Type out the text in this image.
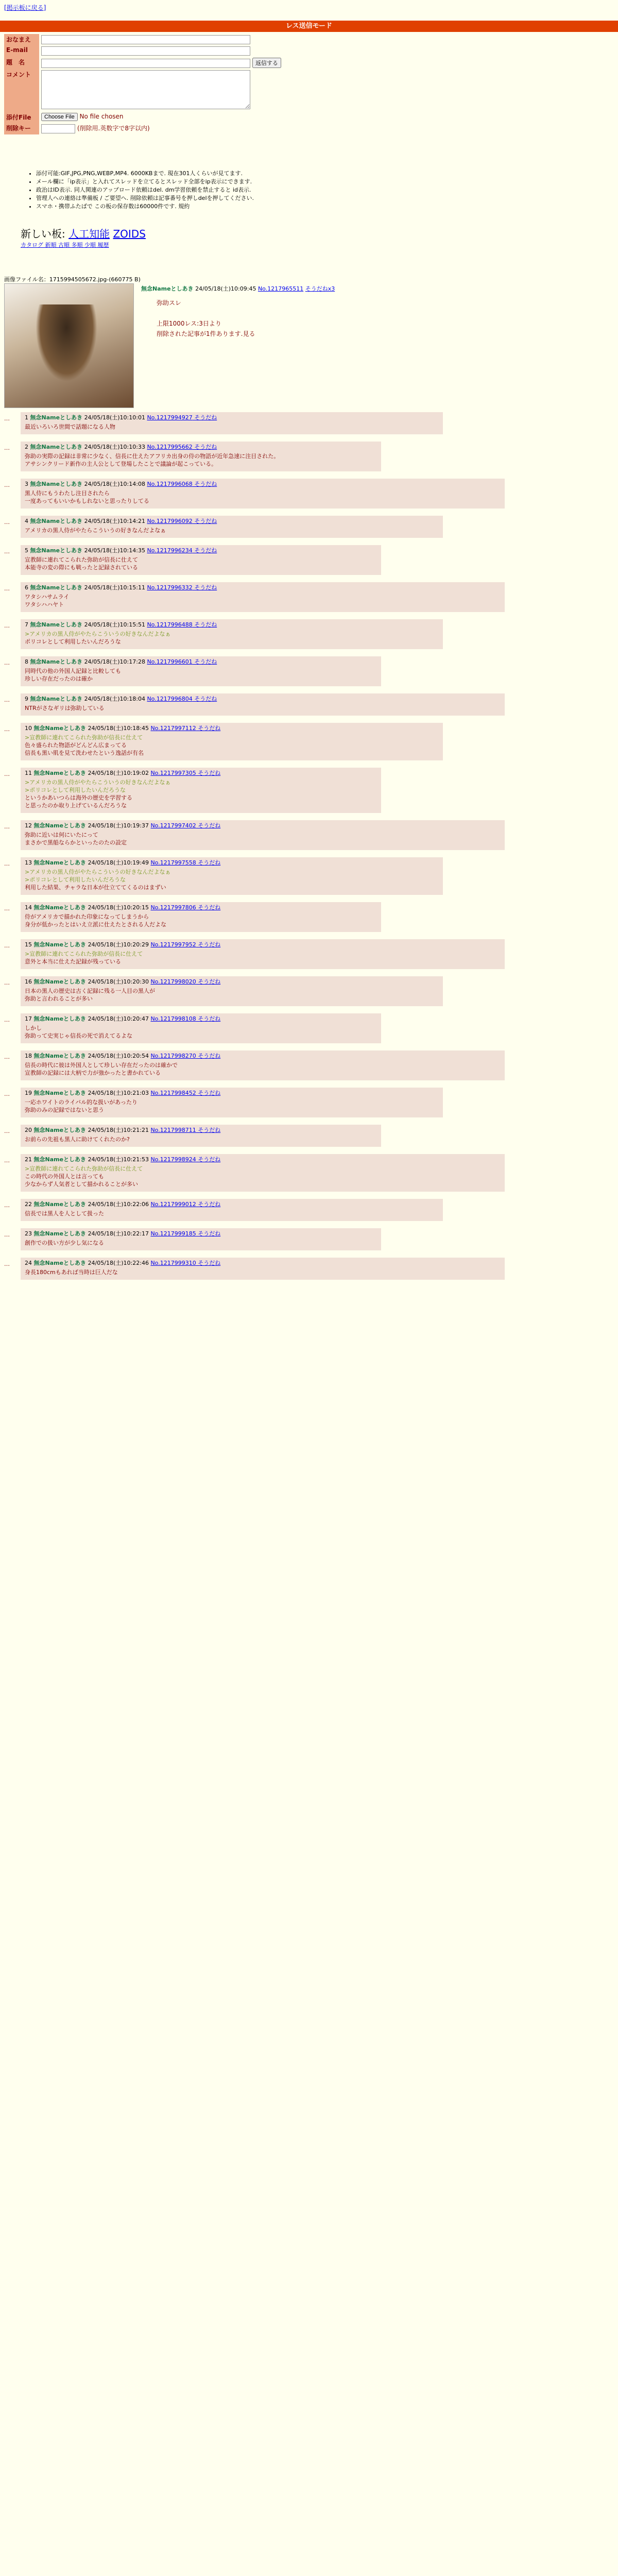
[掲示板に戻る]
レス送信モード
おなまえ	
E-mail	
題　名	返信する
コメント	
添付File	Choose File No file chosen
削除キー	(削除用.英数字で8字以内)
• 添付可能:GIF,JPG,PNG,WEBP,MP4. 6000KBまで. 現在301人くらいが見てます.
• メール欄に「ip表示」と入れてスレッドを立てるとスレッド全部をip表示にできます.
• 政治はID表示. 同人関連のアップロード依頼はdel. dm学習依頼を禁止すると id表示.
• 管理人への連絡は準備板 / ご要望へ. 削除依頼は記事番号を押しdelを押してください.
• スマホ・携帯ふたばで この板の保存数は60000件です. 規約
新しい板: 人工知能 ZOIDS
カタログ 新順 古順 多順 少順 履歴
画像ファイル名：1715994505672.jpg-(660775 B)
無念Nameとしあき 24/05/18(土)10:09:45 No.1217965511 そうだねx3
弥助スレ
上限1000レス:3日より
削除された記事が1件あります.見る
…	1 無念Nameとしあき 24/05/18(土)10:10:01 No.1217994927 そうだね
最近いろいろ世間で話題になる人物
…	2 無念Nameとしあき 24/05/18(土)10:10:33 No.1217995662 そうだね
弥助の実際の記録は非常に少なく、信長に仕えたアフリカ出身の侍の物語が近年急速に注目された。
アサシンクリード新作の主人公として登場したことで議論が起こっている。
…	3 無念Nameとしあき 24/05/18(土)10:14:08 No.1217996068 そうだね
黒人侍にもうわたし注目されたら
一度あってもいいかもしれないと思ったりしてる
…	4 無念Nameとしあき 24/05/18(土)10:14:21 No.1217996092 そうだね
アメリカの黒人侍がやたらこういうの好きなんだよなぁ
…	5 無念Nameとしあき 24/05/18(土)10:14:35 No.1217996234 そうだね
宣教師に連れてこられた弥助が信長に仕えて
本能寺の変の際にも戦ったと記録されている
…	6 無念Nameとしあき 24/05/18(土)10:15:11 No.1217996332 そうだね
ワタシハサムライ
ワタシハハヤト
…	7 無念Nameとしあき 24/05/18(土)10:15:51 No.1217996488 そうだね
>アメリカの黒人侍がやたらこういうの好きなんだよなぁ
ポリコレとして利用したいんだろうな
…	8 無念Nameとしあき 24/05/18(土)10:17:28 No.1217996601 そうだね
同時代の他の外国人記録と比較しても
珍しい存在だったのは確か
…	9 無念Nameとしあき 24/05/18(土)10:18:04 No.1217996804 そうだね
NTRがさなギリは弥助している
…	10 無念Nameとしあき 24/05/18(土)10:18:45 No.1217997112 そうだね
>宣教師に連れてこられた弥助が信長に仕えて
色々盛られた物語がどんどん広まってる
信長も黒い肌を見て洗わせたという逸話が有名
…	11 無念Nameとしあき 24/05/18(土)10:19:02 No.1217997305 そうだね
>アメリカの黒人侍がやたらこういうの好きなんだよなぁ
>ポリコレとして利用したいんだろうな
というかあいつらは海外の歴史を学習する
と思ったのか取り上げているんだろうな
…	12 無念Nameとしあき 24/05/18(土)10:19:37 No.1217997402 そうだね
弥助に近いは何にいたにって
まさかで黒船ならかといったのたの設定
…	13 無念Nameとしあき 24/05/18(土)10:19:49 No.1217997558 そうだね
>アメリカの黒人侍がやたらこういうの好きなんだよなぁ
>ポリコレとして利用したいんだろうな
利用した結果、チャラな日本が仕立ててくるのはまずい
…	14 無念Nameとしあき 24/05/18(土)10:20:15 No.1217997806 そうだね
侍がアメリカで描かれた印象になってしまうから
身分が低かったとはいえ立派に仕えたとされる人だよな
…	15 無念Nameとしあき 24/05/18(土)10:20:29 No.1217997952 そうだね
>宣教師に連れてこられた弥助が信長に仕えて
意外と本当に仕えた記録が残っている
…	16 無念Nameとしあき 24/05/18(土)10:20:30 No.1217998020 そうだね
日本の黒人の歴史は古く記録に残る一人目の黒人が
弥助と言われることが多い
…	17 無念Nameとしあき 24/05/18(土)10:20:47 No.1217998108 そうだね
しかし
弥助って史実じゃ信長の死で消えてるよな
…	18 無念Nameとしあき 24/05/18(土)10:20:54 No.1217998270 そうだね
信長の時代に彼は外国人として珍しい存在だったのは確かで
宣教師の記録には大柄で力が強かったと書かれている
…	19 無念Nameとしあき 24/05/18(土)10:21:03 No.1217998452 そうだね
一応ホワイトのライバル的な扱いがあったり
弥助のみの記録ではないと思う
…	20 無念Nameとしあき 24/05/18(土)10:21:21 No.1217998711 そうだね
お前らの先祖も黒人に助けてくれたのか?
…	21 無念Nameとしあき 24/05/18(土)10:21:53 No.1217998924 そうだね
>宣教師に連れてこられた弥助が信長に仕えて
この時代の外国人とは言っても
少なからず人気者として描かれることが多い
…	22 無念Nameとしあき 24/05/18(土)10:22:06 No.1217999012 そうだね
信長では黒人を人として扱った
…	23 無念Nameとしあき 24/05/18(土)10:22:17 No.1217999185 そうだね
創作での扱い方が少し気になる
…	24 無念Nameとしあき 24/05/18(土)10:22:46 No.1217999310 そうだね
身長180cmもあれば当時は巨人だな
